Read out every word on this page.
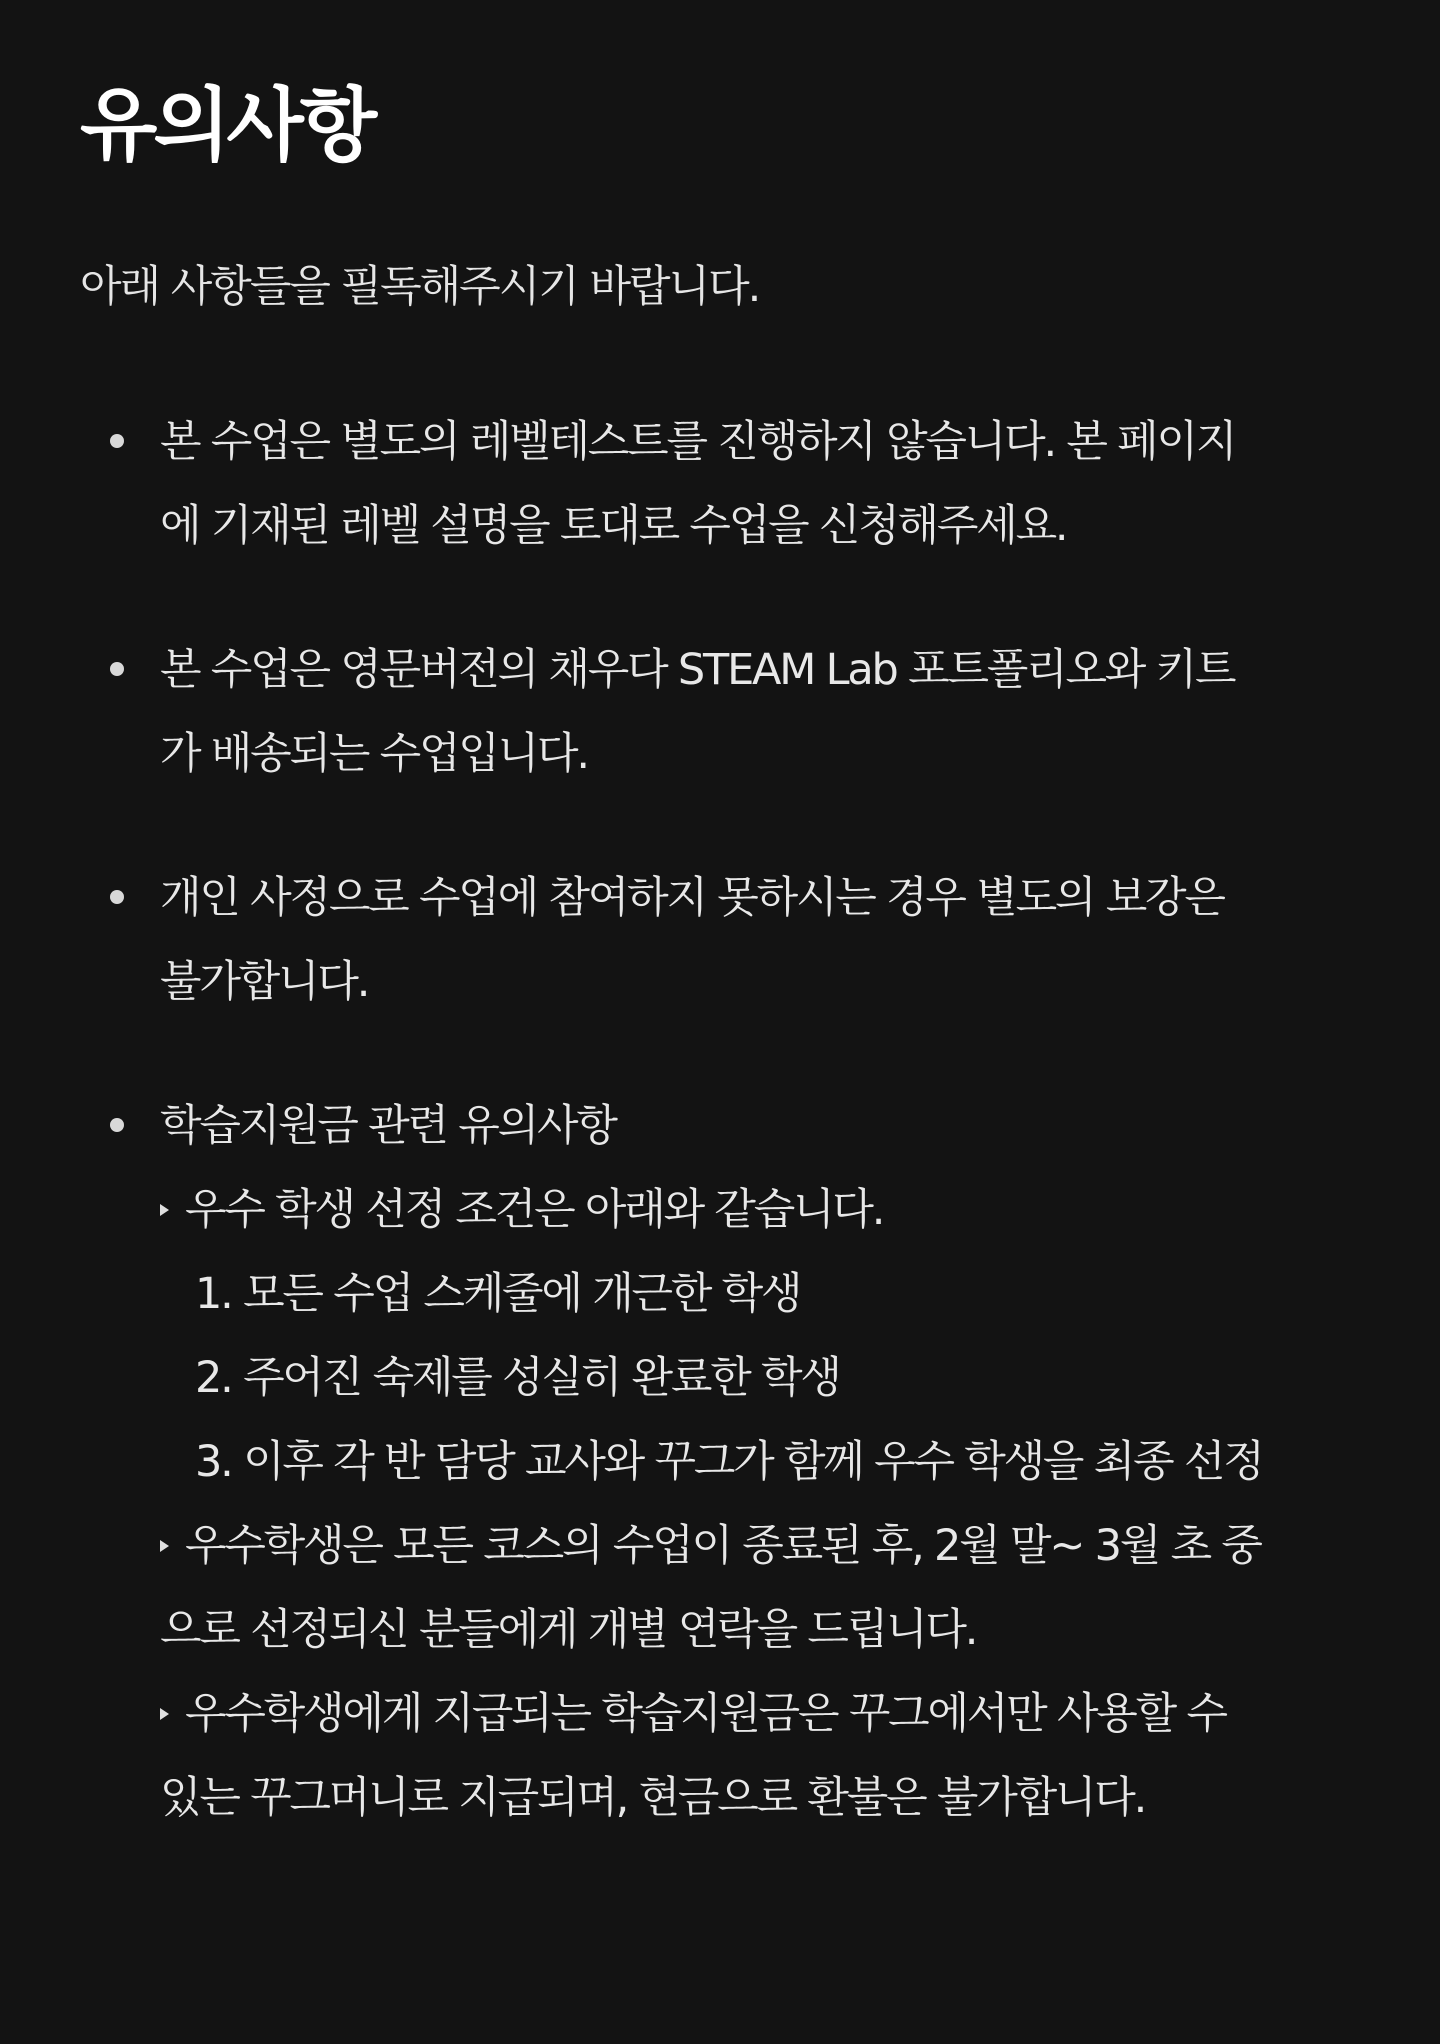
유의사항

아래 사항들을 필독해주시기 바랍니다.

본 수업은 별도의 레벨테스트를 진행하지 않습니다. 본 페이지
에 기재된 레벨 설명을 토대로 수업을 신청해주세요.
본 수업은 영문버전의 채우다 STEAM Lab 포트폴리오와 키트
가 배송되는 수업입니다.
개인 사정으로 수업에 참여하지 못하시는 경우 별도의 보강은
불가합니다.
학습지원금 관련 유의사항
우수 학생 선정 조건은 아래와 같습니다.
1. 모든 수업 스케줄에 개근한 학생
2. 주어진 숙제를 성실히 완료한 학생
3. 이후 각 반 담당 교사와 꾸그가 함께 우수 학생을 최종 선정
우수학생은 모든 코스의 수업이 종료된 후, 2월 말~ 3월 초 중
으로 선정되신 분들에게 개별 연락을 드립니다.
우수학생에게 지급되는 학습지원금은 꾸그에서만 사용할 수
있는 꾸그머니로 지급되며, 현금으로 환불은 불가합니다.
